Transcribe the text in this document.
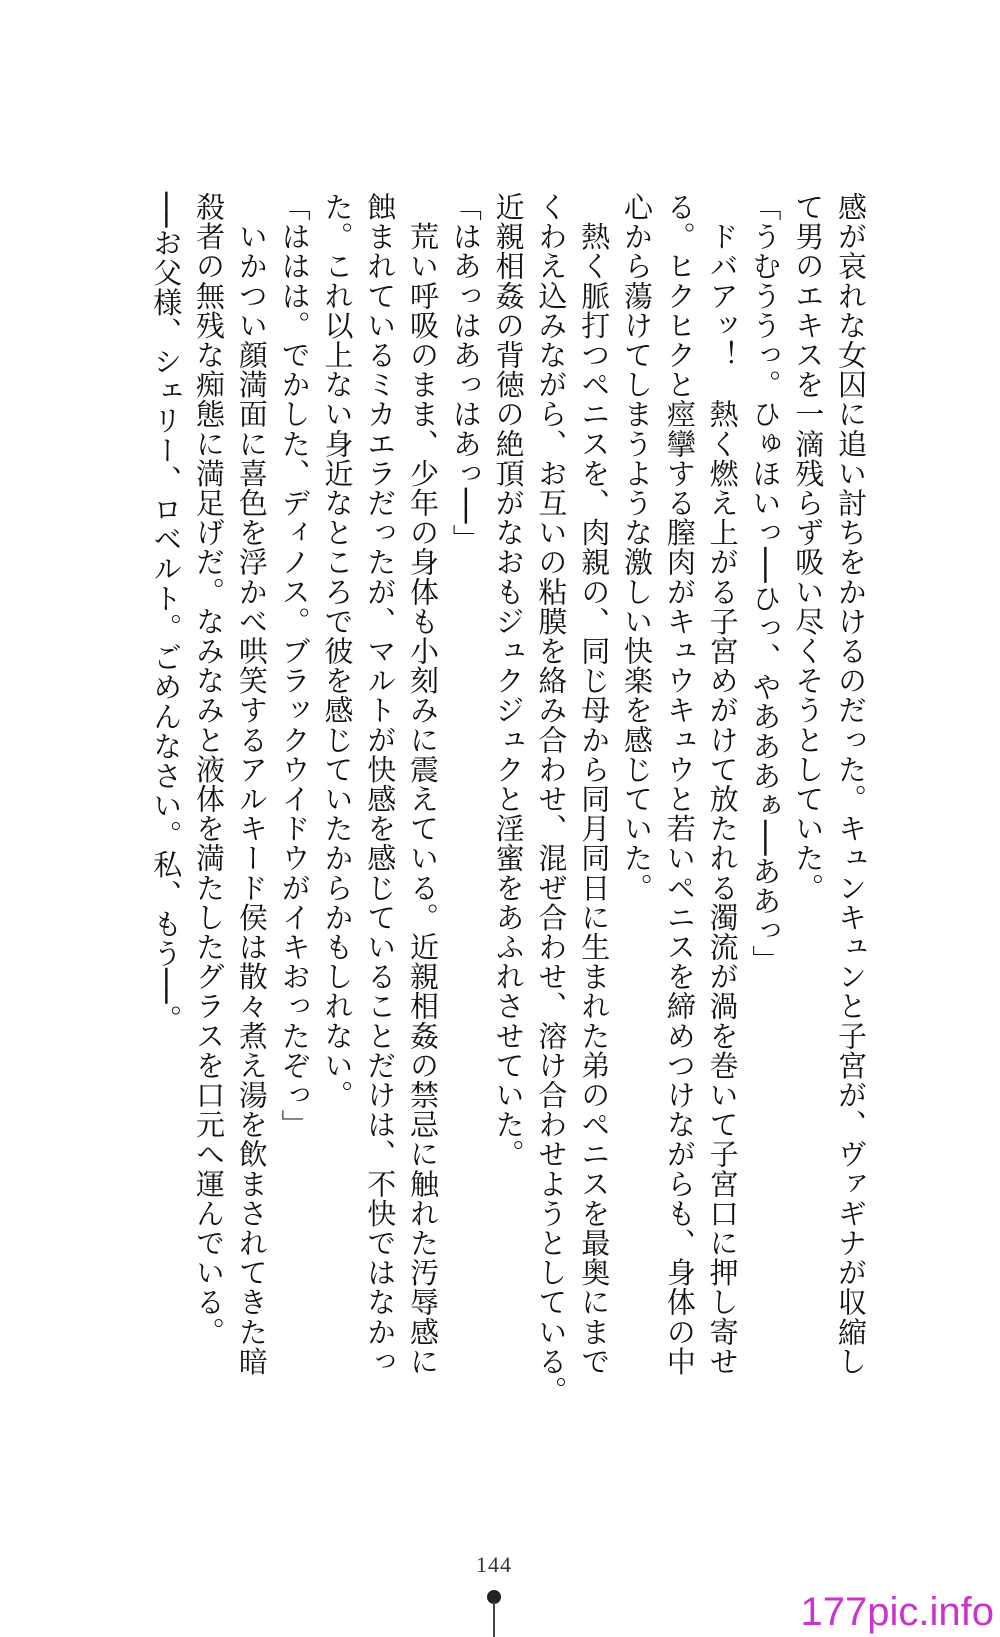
感が哀れな女囚に追い討ちをかけるのだった。キュンキュンと子宮が、ヴァギナが収縮し
て男のエキスを一滴残らず吸い尽くそうとしていた。
「うむううっ。ひゅほいっ──ひっ、やあああぁ──ああっ」
　ドバアッ！　熱く燃え上がる子宮めがけて放たれる濁流が渦を巻いて子宮口に押し寄せ
る。ヒクヒクと痙攣する膣肉がキュウキュウと若いペニスを締めつけながらも、身体の中
心から蕩けてしまうような激しい快楽を感じていた。
　熱く脈打つペニスを、肉親の、同じ母から同月同日に生まれた弟のペニスを最奥にまで
くわえ込みながら、お互いの粘膜を絡み合わせ、混ぜ合わせ、溶け合わせようとしている。
近親相姦の背徳の絶頂がなおもジュクジュクと淫蜜をあふれさせていた。
「はあっはあっはあっ──」
　荒い呼吸のまま、少年の身体も小刻みに震えている。近親相姦の禁忌に触れた汚辱感に
蝕まれているミカエラだったが、マルトが快感を感じていることだけは、不快ではなかっ
た。これ以上ない身近なところで彼を感じていたからかもしれない。
「ははは。でかした、ディノス。ブラックウイドウがイキおったぞっ」
　いかつい顔満面に喜色を浮かべ哄笑するアルキード侯は散々煮え湯を飲まされてきた暗
殺者の無残な痴態に満足げだ。なみなみと液体を満たしたグラスを口元へ運んでいる。
──お父様、シェリー、ロベルト。ごめんなさい。私、もう──。
144
177pic.info
